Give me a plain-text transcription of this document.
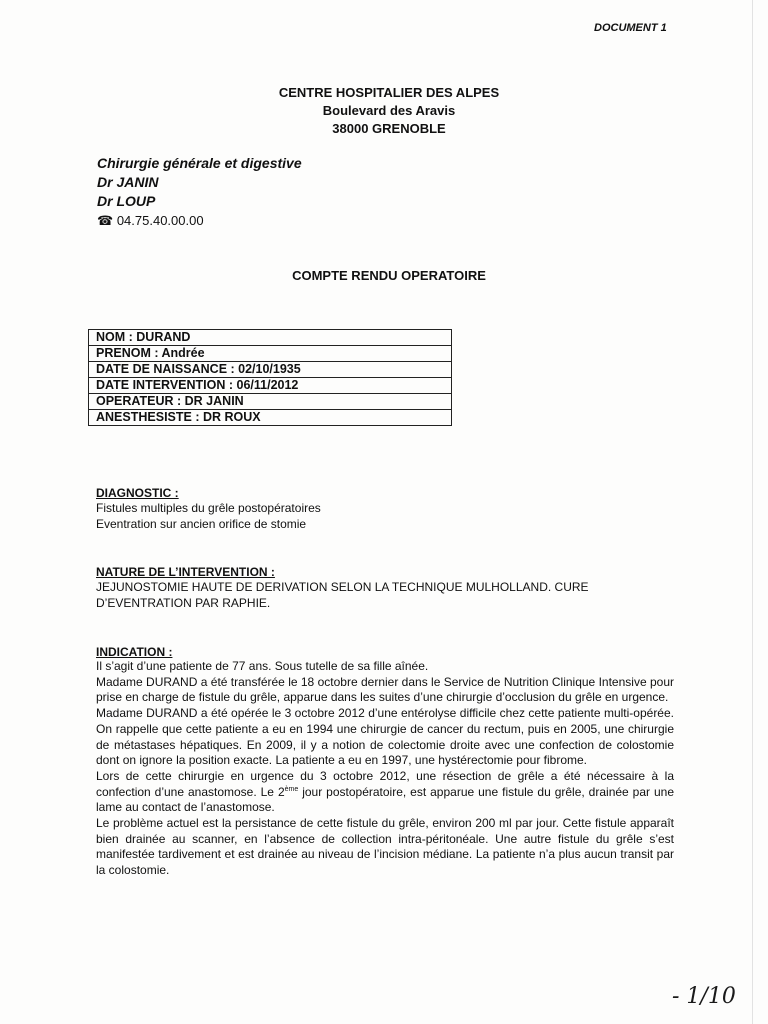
DOCUMENT 1
CENTRE HOSPITALIER DES ALPES
Boulevard des Aravis
38000 GRENOBLE
Chirurgie générale et digestive
Dr JANIN
Dr LOUP
☎ 04.75.40.00.00
COMPTE RENDU OPERATOIRE
NOM : DURAND
PRENOM : Andrée
DATE DE NAISSANCE : 02/10/1935
DATE INTERVENTION : 06/11/2012
OPERATEUR : DR JANIN
ANESTHESISTE : DR ROUX
DIAGNOSTIC :
Fistules multiples du grêle postopératoires
Eventration sur ancien orifice de stomie
NATURE DE L’INTERVENTION :
JEJUNOSTOMIE HAUTE DE DERIVATION SELON LA TECHNIQUE MULHOLLAND. CURE D’EVENTRATION PAR RAPHIE.
INDICATION :

Il s’agit d’une patiente de 77 ans. Sous tutelle de sa fille aînée.

Madame DURAND a été transférée le 18 octobre dernier dans le Service de Nutrition Clinique Intensive pour prise en charge de fistule du grêle, apparue dans les suites d’une chirurgie d’occlusion du grêle en urgence.

Madame DURAND a été opérée le 3 octobre 2012 d’une entérolyse difficile chez cette patiente multi-opérée. On rappelle que cette patiente a eu en 1994 une chirurgie de cancer du rectum, puis en 2005, une chirurgie de métastases hépatiques. En 2009, il y a notion de colectomie droite avec une confection de colostomie dont on ignore la position exacte. La patiente a eu en 1997, une hystérectomie pour fibrome.

Lors de cette chirurgie en urgence du 3 octobre 2012, une résection de grêle a été nécessaire à la confection d’une anastomose. Le 2ème jour postopératoire, est apparue une fistule du grêle, drainée par une lame au contact de l’anastomose.

Le problème actuel est la persistance de cette fistule du grêle, environ 200 ml par jour. Cette fistule apparaît bien drainée au scanner, en l’absence de collection intra-péritonéale. Une autre fistule du grêle s’est manifestée tardivement et est drainée au niveau de l’incision médiane. La patiente n’a plus aucun transit par la colostomie.

- 1/10
